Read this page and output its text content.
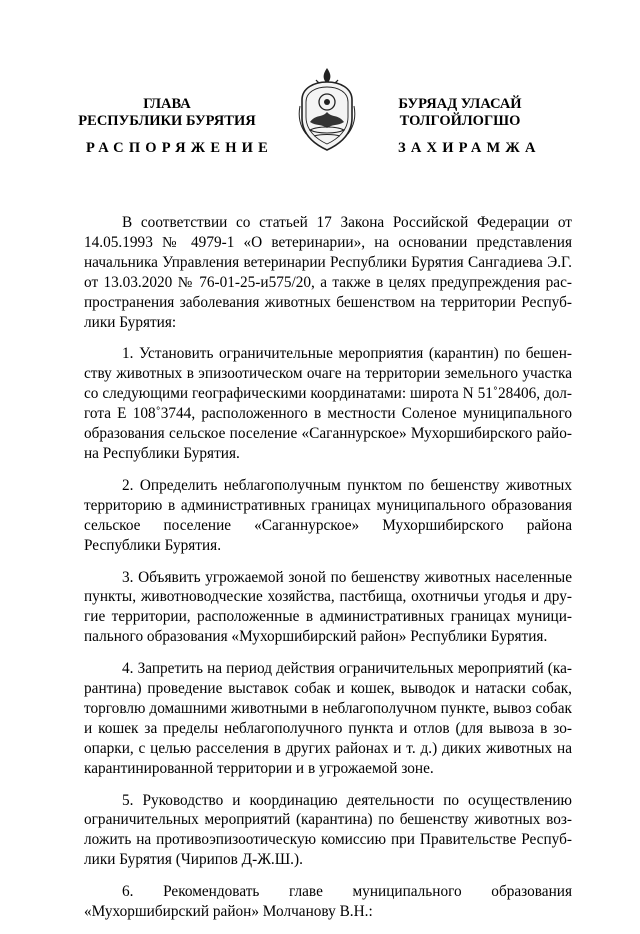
ГЛАВА
РЕСПУБЛИКИ БУРЯТИЯ
БУРЯАД УЛАСАЙ
ТОЛГОЙЛОГШО
РАСПОРЯЖЕНИЕ	ЗАХИРАМЖА

В соответствии со статьей 17 Закона Российской Федерации от 14.05.1993 № 4979-1 «О ветеринарии», на основании представления начальника Управления ветеринарии Республики Бурятия Сангадиева Э.Г. от 13.03.2020 № 76-01-25-и575/20, а также в целях предупреждения распространения заболевания животных бешенством на территории Республики Бурятия:

1. Установить ограничительные мероприятия (карантин) по бешенству животных в эпизоотическом очаге на территории земельного участка со следующими географическими координатами: широта N 51˚28406, долгота Е 108˚3744, расположенного в местности Соленое муниципального образования сельское поселение «Саганнурское» Мухоршибирского района Республики Бурятия.

2. Определить неблагополучным пунктом по бешенству животных территорию в административных границах муниципального образования сельское поселение «Саганнурское» Мухоршибирского района Республики Бурятия.

3. Объявить угрожаемой зоной по бешенству животных населенные пункты, животноводческие хозяйства, пастбища, охотничьи угодья и другие территории, расположенные в административных границах муниципального образования «Мухоршибирский район» Республики Бурятия.

4. Запретить на период действия ограничительных мероприятий (карантина) проведение выставок собак и кошек, выводок и натаски собак, торговлю домашними животными в неблагополучном пункте, вывоз собак и кошек за пределы неблагополучного пункта и отлов (для вывоза в зоопарки, с целью расселения в других районах и т. д.) диких животных на карантинированной территории и в угрожаемой зоне.

5. Руководство и координацию деятельности по осуществлению ограничительных мероприятий (карантина) по бешенству животных возложить на противоэпизоотическую комиссию при Правительстве Республики Бурятия (Чирипов Д-Ж.Ш.).

6. Рекомендовать главе муниципального образования «Мухоршибирский район» Молчанову В.Н.:
